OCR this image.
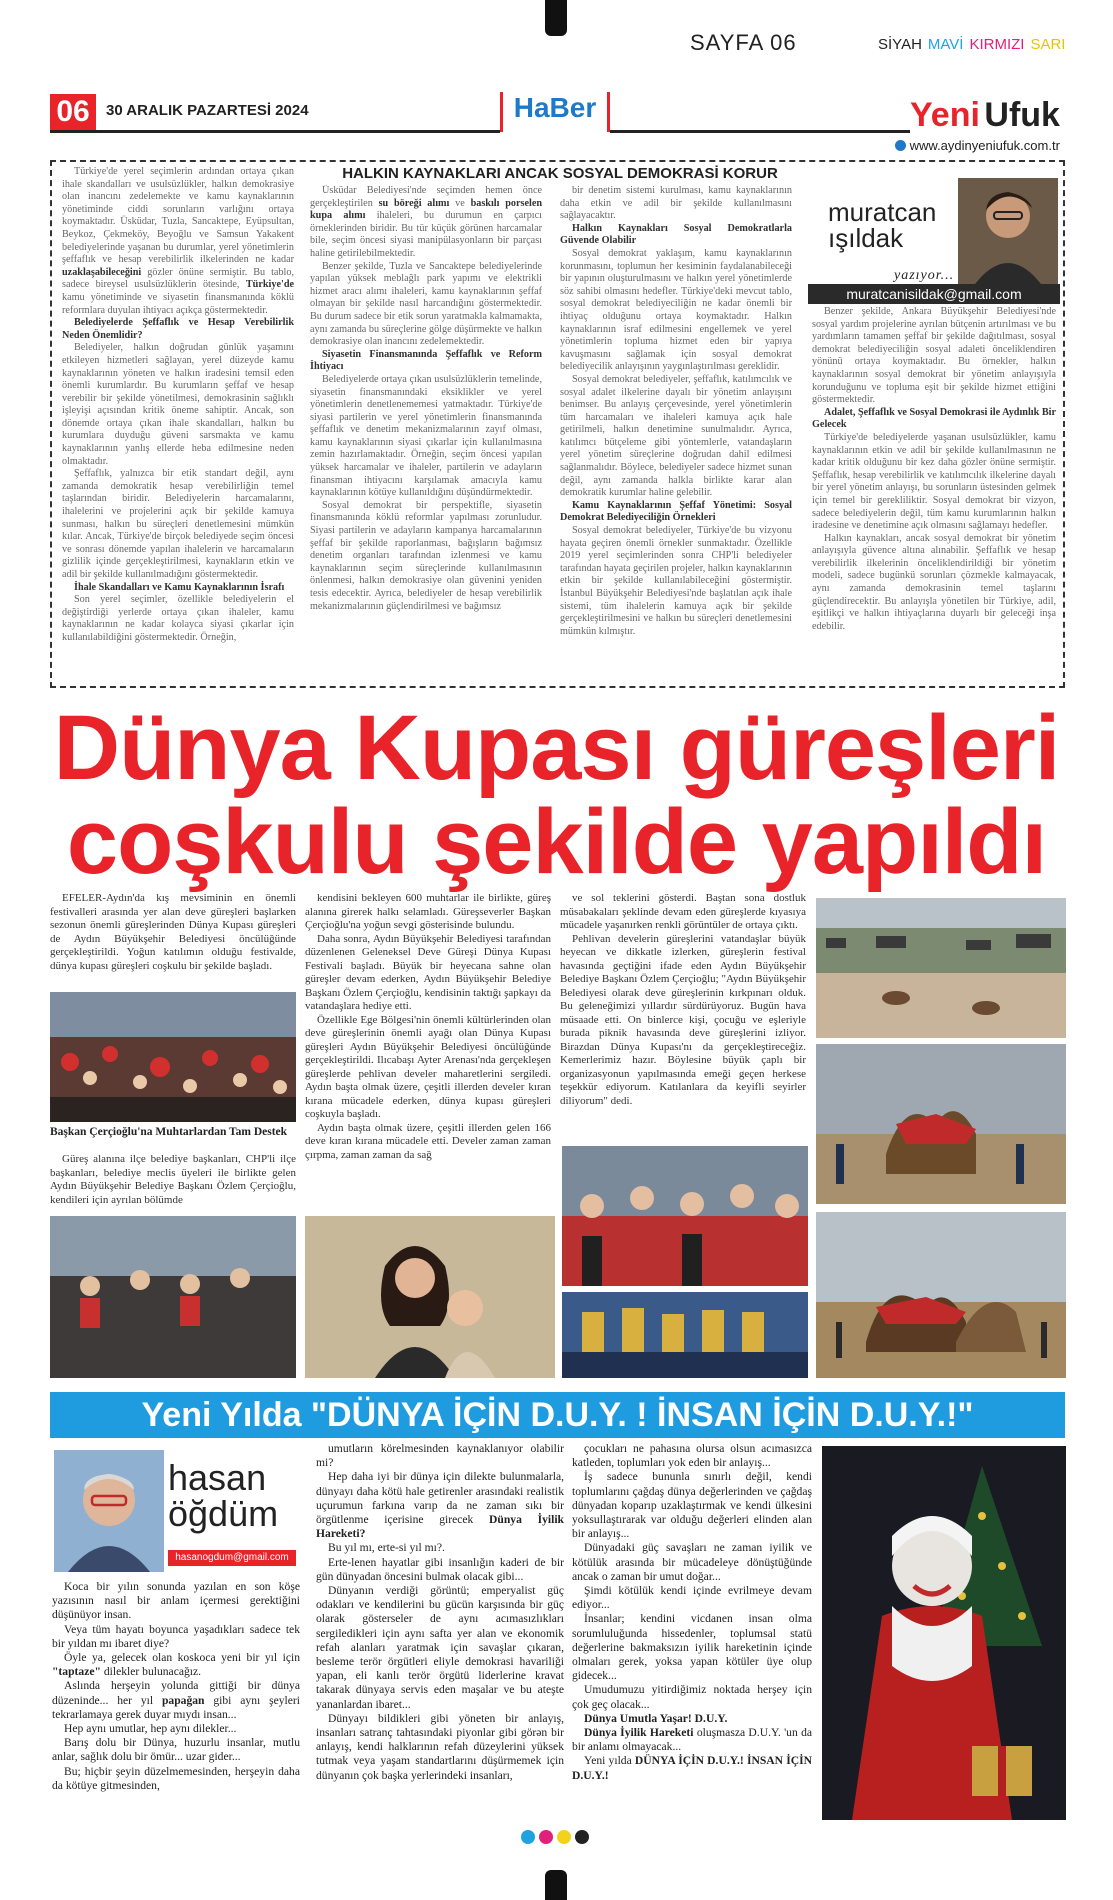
SAYFA 06	SİYAH MAVİ KIRMIZI SARI
06	30 ARALIK PAZARTESİ 2024	HaBer	Yeni Ufuk
www.aydinyeniufuk.com.tr

Türkiye'de yerel seçimlerin ardından ortaya çıkan ihale skandalları ve usulsüzlükler, halkın demokrasiye olan inancını zedelemekte ve kamu kaynaklarının yönetiminde ciddi sorunların varlığını ortaya koymaktadır. Üsküdar, Tuzla, Sancaktepe, Eyüpsultan, Beykoz, Çekmeköy, Beyoğlu ve Samsun Yakakent belediyelerinde yaşanan bu durumlar, yerel yönetimlerin şeffaflık ve hesap verebilirlik ilkelerinden ne kadar uzaklaşabileceğini gözler önüne sermiştir. Bu tablo, sadece bireysel usulsüzlüklerin ötesinde, Türkiye'de kamu yönetiminde ve siyasetin finansmanında köklü reformlara duyulan ihtiyacı açıkça göstermektedir.

Belediyelerde Şeffaflık ve Hesap Verebilirlik Neden Önemlidir?

Belediyeler, halkın doğrudan günlük yaşamını etkileyen hizmetleri sağlayan, yerel düzeyde kamu kaynaklarının yöneten ve halkın iradesini temsil eden önemli kurumlardır. Bu kurumların şeffaf ve hesap verebilir bir şekilde yönetilmesi, demokrasinin sağlıklı işleyişi açısından kritik öneme sahiptir. Ancak, son dönemde ortaya çıkan ihale skandalları, halkın bu kurumlara duyduğu güveni sarsmakta ve kamu kaynaklarının yanlış ellerde heba edilmesine neden olmaktadır.

Şeffaflık, yalnızca bir etik standart değil, aynı zamanda demokratik hesap verebilirliğin temel taşlarından biridir. Belediyelerin harcamalarını, ihalelerini ve projelerini açık bir şekilde kamuya sunması, halkın bu süreçleri denetlemesini mümkün kılar. Ancak, Türkiye'de birçok belediyede seçim öncesi ve sonrası dönemde yapılan ihalelerin ve harcamaların gizlilik içinde gerçekleştirilmesi, kaynakların etkin ve adil bir şekilde kullanılmadığını göstermektedir.

İhale Skandalları ve Kamu Kaynaklarının İsrafı

Son yerel seçimler, özellikle belediyelerin el değiştirdiği yerlerde ortaya çıkan ihaleler, kamu kaynaklarının ne kadar kolayca siyasi çıkarlar için kullanılabildiğini göstermektedir. Örneğin,

HALKIN KAYNAKLARI ANCAK SOSYAL DEMOKRASİ KORUR

Üsküdar Belediyesi'nde seçimden hemen önce gerçekleştirilen su böreği alımı ve baskılı porselen kupa alımı ihaleleri, bu durumun en çarpıcı örneklerinden biridir. Bu tür küçük görünen harcamalar bile, seçim öncesi siyasi manipülasyonların bir parçası haline getirilebilmektedir.

Benzer şekilde, Tuzla ve Sancaktepe belediyelerinde yapılan yüksek meblağlı park yapımı ve elektrikli hizmet aracı alımı ihaleleri, kamu kaynaklarının şeffaf olmayan bir şekilde nasıl harcandığını göstermektedir. Bu durum sadece bir etik sorun yaratmakla kalmamakta, aynı zamanda bu süreçlerine gölge düşürmekte ve halkın demokrasiye olan inancını zedelemektedir.

Siyasetin Finansmanında Şeffaflık ve Reform İhtiyacı

Belediyelerde ortaya çıkan usulsüzlüklerin temelinde, siyasetin finansmanındaki eksiklikler ve yerel yönetimlerin denetlenememesi yatmaktadır. Türkiye'de siyasi partilerin ve yerel yönetimlerin finansmanında şeffaflık ve denetim mekanizmalarının zayıf olması, kamu kaynaklarının siyasi çıkarlar için kullanılmasına zemin hazırlamaktadır. Örneğin, seçim öncesi yapılan yüksek harcamalar ve ihaleler, partilerin ve adayların finansman ihtiyacını karşılamak amacıyla kamu kaynaklarının kötüye kullanıldığını düşündürmektedir.

Sosyal demokrat bir perspektifle, siyasetin finansmanında köklü reformlar yapılması zorunludur. Siyasi partilerin ve adayların kampanya harcamalarının şeffaf bir şekilde raporlanması, bağışların bağımsız denetim organları tarafından izlenmesi ve kamu kaynaklarının seçim süreçlerinde kullanılmasının önlenmesi, halkın demokrasiye olan güvenini yeniden tesis edecektir. Ayrıca, belediyeler de hesap verebilirlik mekanizmalarının güçlendirilmesi ve bağımsız

bir denetim sistemi kurulması, kamu kaynaklarının daha etkin ve adil bir şekilde kullanılmasını sağlayacaktır.

Halkın Kaynakları Sosyal Demokratlarla Güvende Olabilir

Sosyal demokrat yaklaşım, kamu kaynaklarının korunmasını, toplumun her kesiminin faydalanabileceği bir yapının oluşturulmasını ve halkın yerel yönetimlerde söz sahibi olmasını hedefler. Türkiye'deki mevcut tablo, sosyal demokrat belediyeciliğin ne kadar önemli bir ihtiyaç olduğunu ortaya koymaktadır. Halkın kaynaklarının israf edilmesini engellemek ve yerel yönetimlerin topluma hizmet eden bir yapıya kavuşmasını sağlamak için sosyal demokrat belediyecilik anlayışının yaygınlaştırılması gereklidir.

Sosyal demokrat belediyeler, şeffaflık, katılımcılık ve sosyal adalet ilkelerine dayalı bir yönetim anlayışını benimser. Bu anlayış çerçevesinde, yerel yönetimlerin tüm harcamaları ve ihaleleri kamuya açık hale getirilmeli, halkın denetimine sunulmalıdır. Ayrıca, katılımcı bütçeleme gibi yöntemlerle, vatandaşların yerel yönetim süreçlerine doğrudan dahil edilmesi sağlanmalıdır. Böylece, belediyeler sadece hizmet sunan değil, aynı zamanda halkla birlikte karar alan demokratik kurumlar haline gelebilir.

Kamu Kaynaklarının Şeffaf Yönetimi: Sosyal Demokrat Belediyeciliğin Örnekleri

Sosyal demokrat belediyeler, Türkiye'de bu vizyonu hayata geçiren önemli örnekler sunmaktadır. Özellikle 2019 yerel seçimlerinden sonra CHP'li belediyeler tarafından hayata geçirilen projeler, halkın kaynaklarının etkin bir şekilde kullanılabileceğini göstermiştir. İstanbul Büyükşehir Belediyesi'nde başlatılan açık ihale sistemi, tüm ihalelerin kamuya açık bir şekilde gerçekleştirilmesini ve halkın bu süreçleri denetlemesini mümkün kılmıştır.

muratcan
ışıldak
yazıyor...
muratcanisildak@gmail.com

Benzer şekilde, Ankara Büyükşehir Belediyesi'nde sosyal yardım projelerine ayrılan bütçenin artırılması ve bu yardımların tamamen şeffaf bir şekilde dağıtılması, sosyal demokrat belediyeciliğin sosyal adaleti önceliklendiren yönünü ortaya koymaktadır. Bu örnekler, halkın kaynaklarının sosyal demokrat bir yönetim anlayışıyla korunduğunu ve topluma eşit bir şekilde hizmet ettiğini göstermektedir.

Adalet, Şeffaflık ve Sosyal Demokrasi ile Aydınlık Bir Gelecek

Türkiye'de belediyelerde yaşanan usulsüzlükler, kamu kaynaklarının etkin ve adil bir şekilde kullanılmasının ne kadar kritik olduğunu bir kez daha gözler önüne sermiştir. Şeffaflık, hesap verebilirlik ve katılımcılık ilkelerine dayalı bir yerel yönetim anlayışı, bu sorunların üstesinden gelmek için temel bir gerekliliktir. Sosyal demokrat bir vizyon, sadece belediyelerin değil, tüm kamu kurumlarının halkın iradesine ve denetimine açık olmasını sağlamayı hedefler.

Halkın kaynakları, ancak sosyal demokrat bir yönetim anlayışıyla güvence altına alınabilir. Şeffaflık ve hesap verebilirlik ilkelerinin önceliklendirildiği bir yönetim modeli, sadece bugünkü sorunları çözmekle kalmayacak, aynı zamanda demokrasinin temel taşlarını güçlendirecektir. Bu anlayışla yönetilen bir Türkiye, adil, eşitlikçi ve halkın ihtiyaçlarına duyarlı bir geleceği inşa edebilir.

Dünya Kupası güreşleri
coşkulu şekilde yapıldı

EFELER-Aydın'da kış mevsiminin en önemli festivalleri arasında yer alan deve güreşleri başlarken sezonun önemli güreşlerinden Dünya Kupası güreşleri de Aydın Büyükşehir Belediyesi öncülüğünde gerçekleştirildi. Yoğun katılımın olduğu festivalde, dünya kupası güreşleri coşkulu bir şekilde başladı.

Başkan Çerçioğlu'na Muhtarlardan Tam Destek

Güreş alanına ilçe belediye başkanları, CHP'li ilçe başkanları, belediye meclis üyeleri ile birlikte gelen Aydın Büyükşehir Belediye Başkanı Özlem Çerçioğlu, kendileri için ayrılan bölümde

kendisini bekleyen 600 muhtarlar ile birlikte, güreş alanına girerek halkı selamladı. Güreşseverler Başkan Çerçioğlu'na yoğun sevgi gösterisinde bulundu.

Daha sonra, Aydın Büyükşehir Belediyesi tarafından düzenlenen Geleneksel Deve Güreşi Dünya Kupası Festivali başladı. Büyük bir heyecana sahne olan güreşler devam ederken, Aydın Büyükşehir Belediye Başkanı Özlem Çerçioğlu, kendisinin taktığı şapkayı da vatandaşlara hediye etti.

Özellikle Ege Bölgesi'nin önemli kültürlerinden olan deve güreşlerinin önemli ayağı olan Dünya Kupası güreşleri Aydın Büyükşehir Belediyesi öncülüğünde gerçekleştirildi. Ilıcabaşı Ayter Arenası'nda gerçekleşen güreşlerde pehlivan develer maharetlerini sergiledi. Aydın başta olmak üzere, çeşitli illerden develer kıran kırana mücadele ederken, dünya kupası güreşleri coşkuyla başladı.

Aydın başta olmak üzere, çeşitli illerden gelen 166 deve kıran kırana mücadele etti. Develer zaman zaman çırpma, zaman zaman da sağ

ve sol teklerini gösterdi. Baştan sona dostluk müsabakaları şeklinde devam eden güreşlerde kıyasıya mücadele yaşanırken renkli görüntüler de ortaya çıktı.

Pehlivan develerin güreşlerini vatandaşlar büyük heyecan ve dikkatle izlerken, güreşlerin festival havasında geçtiğini ifade eden Aydın Büyükşehir Belediye Başkanı Özlem Çerçioğlu; "Aydın Büyükşehir Belediyesi olarak deve güreşlerinin kırkpınarı olduk. Bu geleneğimizi yıllardır sürdürüyoruz. Bugün hava müsaade etti. On binlerce kişi, çocuğu ve eşleriyle burada piknik havasında deve güreşlerini izliyor. Birazdan Dünya Kupası'nı da gerçekleştireceğiz. Kemerlerimiz hazır. Böylesine büyük çaplı bir organizasyonun yapılmasında emeği geçen herkese teşekkür ediyorum. Katılanlara da keyifli seyirler diliyorum" dedi.

Yeni Yılda "DÜNYA İÇİN D.U.Y. ! İNSAN İÇİN D.U.Y.!"
hasan
öğdüm
hasanogdum@gmail.com

Koca bir yılın sonunda yazılan en son köşe yazısının nasıl bir anlam içermesi gerektiğini düşünüyor insan.

Veya tüm hayatı boyunca yaşadıkları sadece tek bir yıldan mı ibaret diye?

Öyle ya, gelecek olan koskoca yeni bir yıl için "taptaze" dilekler bulunacağız.

Aslında herşeyin yolunda gittiği bir dünya düzeninde... her yıl papağan gibi aynı şeyleri tekrarlamaya gerek duyar mıydı insan...

Hep aynı umutlar, hep aynı dilekler...

Barış dolu bir Dünya, huzurlu insanlar, mutlu anlar, sağlık dolu bir ömür... uzar gider...

Bu; hiçbir şeyin düzelmemesinden, herşeyin daha da kötüye gitmesinden,

umutların körelmesinden kaynaklanıyor olabilir mi?

Hep daha iyi bir dünya için dilekte bulunmalarla, dünyayı daha kötü hale getirenler arasındaki realistik uçurumun farkına varıp da ne zaman sıkı bir örgütlenme içerisine girecek Dünya İyilik Hareketi?

Bu yıl mı, erte-si yıl mı?.

Erte-lenen hayatlar gibi insanlığın kaderi de bir gün dünyadan öncesini bulmak olacak gibi...

Dünyanın verdiği görüntü; emperyalist güç odakları ve kendilerini bu gücün karşısında bir güç olarak gösterseler de aynı acımasızlıkları sergiledikleri için aynı safta yer alan ve ekonomik refah alanları yaratmak için savaşlar çıkaran, besleme terör örgütleri eliyle demokrasi havariliği yapan, eli kanlı terör örgütü liderlerine kravat takarak dünyaya servis eden maşalar ve bu ateşte yananlardan ibaret...

Dünyayı bildikleri gibi yöneten bir anlayış, insanları satranç tahtasındaki piyonlar gibi görən bir anlayış, kendi halklarının refah düzeylerini yüksek tutmak veya yaşam standartlarını düşürmemek için dünyanın çok başka yerlerindeki insanları,

çocukları ne pahasına olursa olsun acımasızca katleden, toplumları yok eden bir anlayış...

İş sadece bununla sınırlı değil, kendi toplumlarını çağdaş dünya değerlerinden ve çağdaş dünyadan koparıp uzaklaştırmak ve kendi ülkesini yoksullaştırarak var olduğu değerleri elinden alan bir anlayış...

Dünyadaki güç savaşları ne zaman iyilik ve kötülük arasında bir mücadeleye dönüştüğünde ancak o zaman bir umut doğar...

Şimdi kötülük kendi içinde evrilmeye devam ediyor...

İnsanlar; kendini vicdanen insan olma sorumluluğunda hissedenler, toplumsal statü değerlerine bakmaksızın iyilik hareketinin içinde olmaları gerek, yoksa yapan kötüler üye olup gidecek...

Umudumuzu yitirdiğimiz noktada herşey için çok geç olacak...

Dünya Umutla Yaşar! D.U.Y.

Dünya İyilik Hareketi oluşmasza D.U.Y. 'un da bir anlamı olmayacak...

Yeni yılda DÜNYA İÇİN D.U.Y.! İNSAN İÇİN D.U.Y.!
